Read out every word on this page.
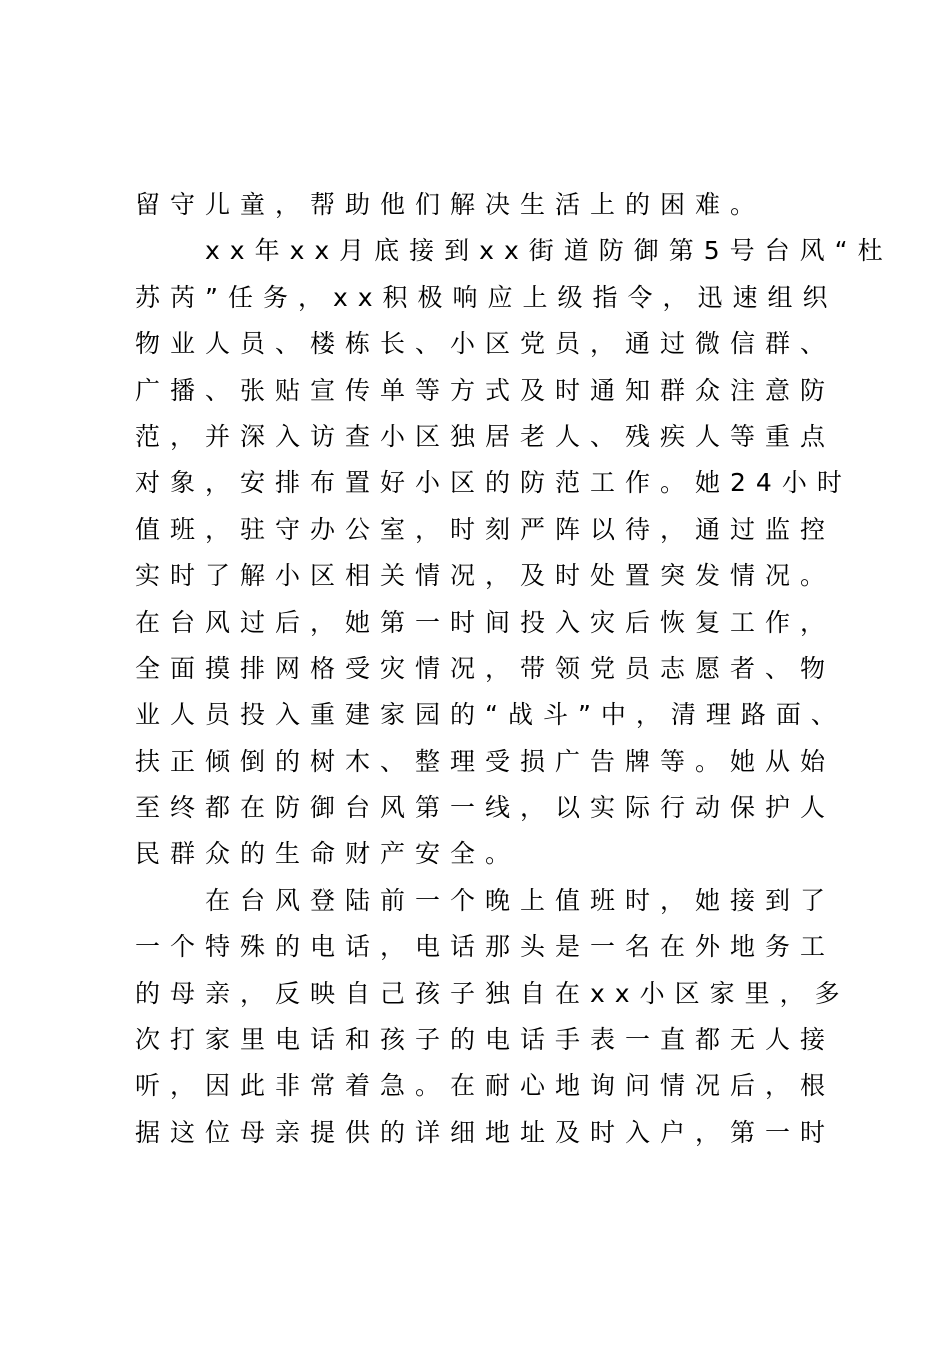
留守儿童，帮助他们解决生活上的困难。
xx年xx月底接到xx街道防御第5号台风“杜
苏芮”任务，xx积极响应上级指令，迅速组织
物业人员、楼栋长、小区党员，通过微信群、
广播、张贴宣传单等方式及时通知群众注意防
范，并深入访查小区独居老人、残疾人等重点
对象，安排布置好小区的防范工作。她24小时
值班，驻守办公室，时刻严阵以待，通过监控
实时了解小区相关情况，及时处置突发情况。
在台风过后，她第一时间投入灾后恢复工作，
全面摸排网格受灾情况，带领党员志愿者、物
业人员投入重建家园的“战斗”中，清理路面、
扶正倾倒的树木、整理受损广告牌等。她从始
至终都在防御台风第一线，以实际行动保护人
民群众的生命财产安全。
在台风登陆前一个晚上值班时，她接到了
一个特殊的电话，电话那头是一名在外地务工
的母亲，反映自己孩子独自在xx小区家里，多
次打家里电话和孩子的电话手表一直都无人接
听，因此非常着急。在耐心地询问情况后，根
据这位母亲提供的详细地址及时入户，第一时
